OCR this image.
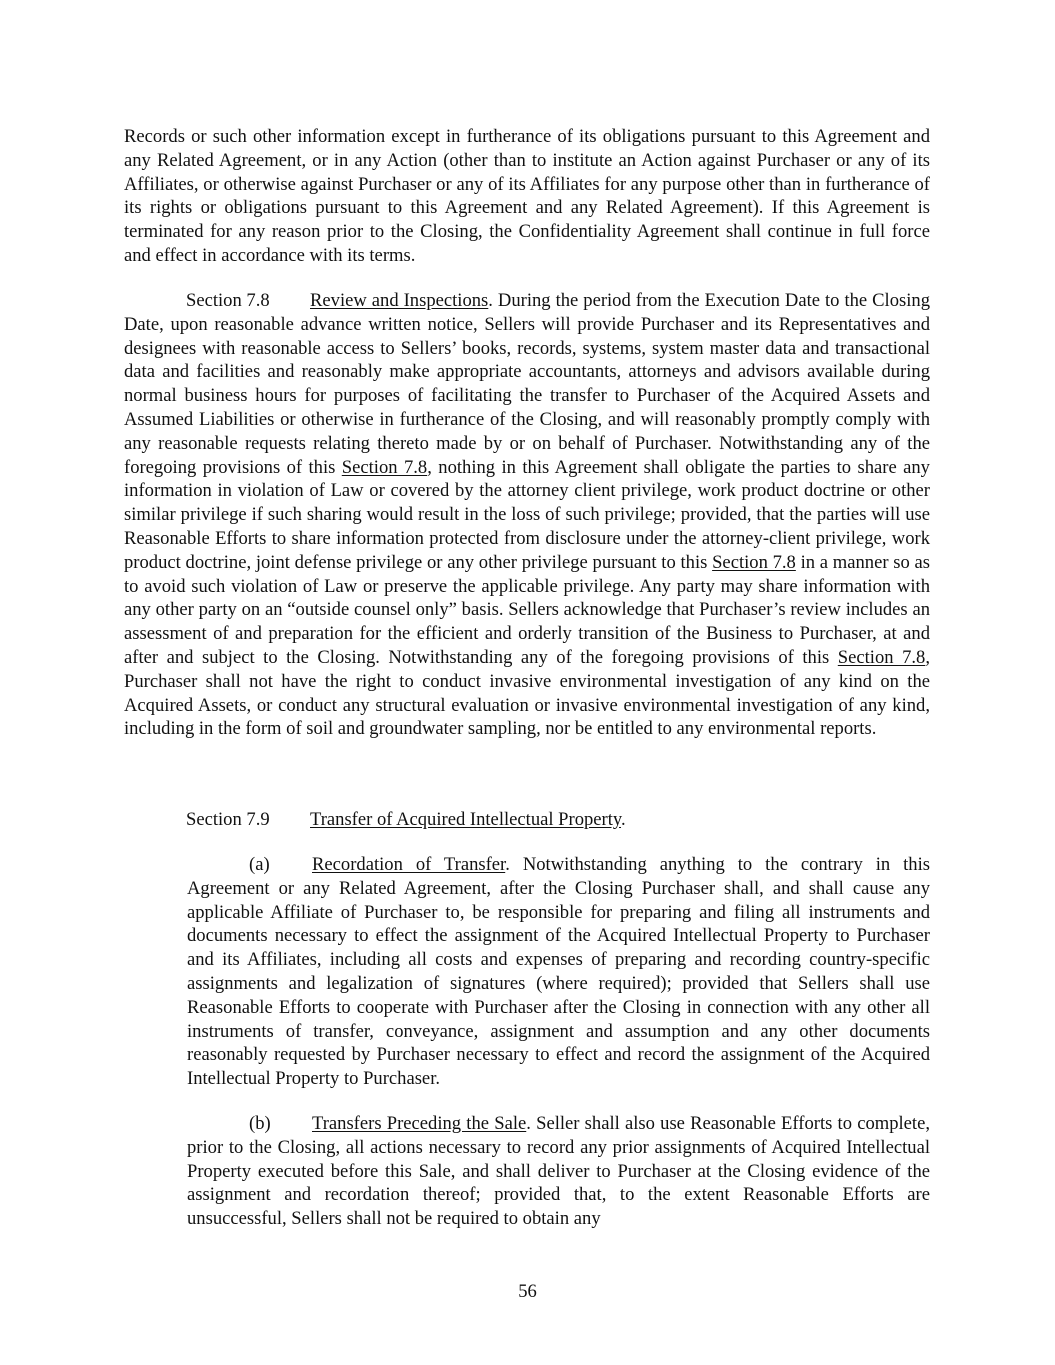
Records or such other information except in furtherance of its obligations pursuant to this Agreement and any Related Agreement, or in any Action (other than to institute an Action against Purchaser or any of its Affiliates, or otherwise against Purchaser or any of its Affiliates for any purpose other than in furtherance of its rights or obligations pursuant to this Agreement and any Related Agreement). If this Agreement is terminated for any reason prior to the Closing, the Confidentiality Agreement shall continue in full force and effect in accordance with its terms.

Section 7.8 Review and Inspections. During the period from the Execution Date to the Closing Date, upon reasonable advance written notice, Sellers will provide Purchaser and its Representatives and designees with reasonable access to Sellers’ books, records, systems, system master data and transactional data and facilities and reasonably make appropriate accountants, attorneys and advisors available during normal business hours for purposes of facilitating the transfer to Purchaser of the Acquired Assets and Assumed Liabilities or otherwise in furtherance of the Closing, and will reasonably promptly comply with any reasonable requests relating thereto made by or on behalf of Purchaser. Notwithstanding any of the foregoing provisions of this Section 7.8, nothing in this Agreement shall obligate the parties to share any information in violation of Law or covered by the attorney client privilege, work product doctrine or other similar privilege if such sharing would result in the loss of such privilege; provided, that the parties will use Reasonable Efforts to share information protected from disclosure under the attorney-client privilege, work product doctrine, joint defense privilege or any other privilege pursuant to this Section 7.8 in a manner so as to avoid such violation of Law or preserve the applicable privilege. Any party may share information with any other party on an “outside counsel only” basis. Sellers acknowledge that Purchaser’s review includes an assessment of and preparation for the efficient and orderly transition of the Business to Purchaser, at and after and subject to the Closing. Notwithstanding any of the foregoing provisions of this Section 7.8, Purchaser shall not have the right to conduct invasive environmental investigation of any kind on the Acquired Assets, or conduct any structural evaluation or invasive environmental investigation of any kind, including in the form of soil and groundwater sampling, nor be entitled to any environmental reports.

Section 7.9 Transfer of Acquired Intellectual Property.

(a) Recordation of Transfer. Notwithstanding anything to the contrary in this Agreement or any Related Agreement, after the Closing Purchaser shall, and shall cause any applicable Affiliate of Purchaser to, be responsible for preparing and filing all instruments and documents necessary to effect the assignment of the Acquired Intellectual Property to Purchaser and its Affiliates, including all costs and expenses of preparing and recording country-specific assignments and legalization of signatures (where required); provided that Sellers shall use Reasonable Efforts to cooperate with Purchaser after the Closing in connection with any other all instruments of transfer, conveyance, assignment and assumption and any other documents reasonably requested by Purchaser necessary to effect and record the assignment of the Acquired Intellectual Property to Purchaser.

(b) Transfers Preceding the Sale. Seller shall also use Reasonable Efforts to complete, prior to the Closing, all actions necessary to record any prior assignments of Acquired Intellectual Property executed before this Sale, and shall deliver to Purchaser at the Closing evidence of the assignment and recordation thereof; provided that, to the extent Reasonable Efforts are unsuccessful, Sellers shall not be required to obtain any

56
